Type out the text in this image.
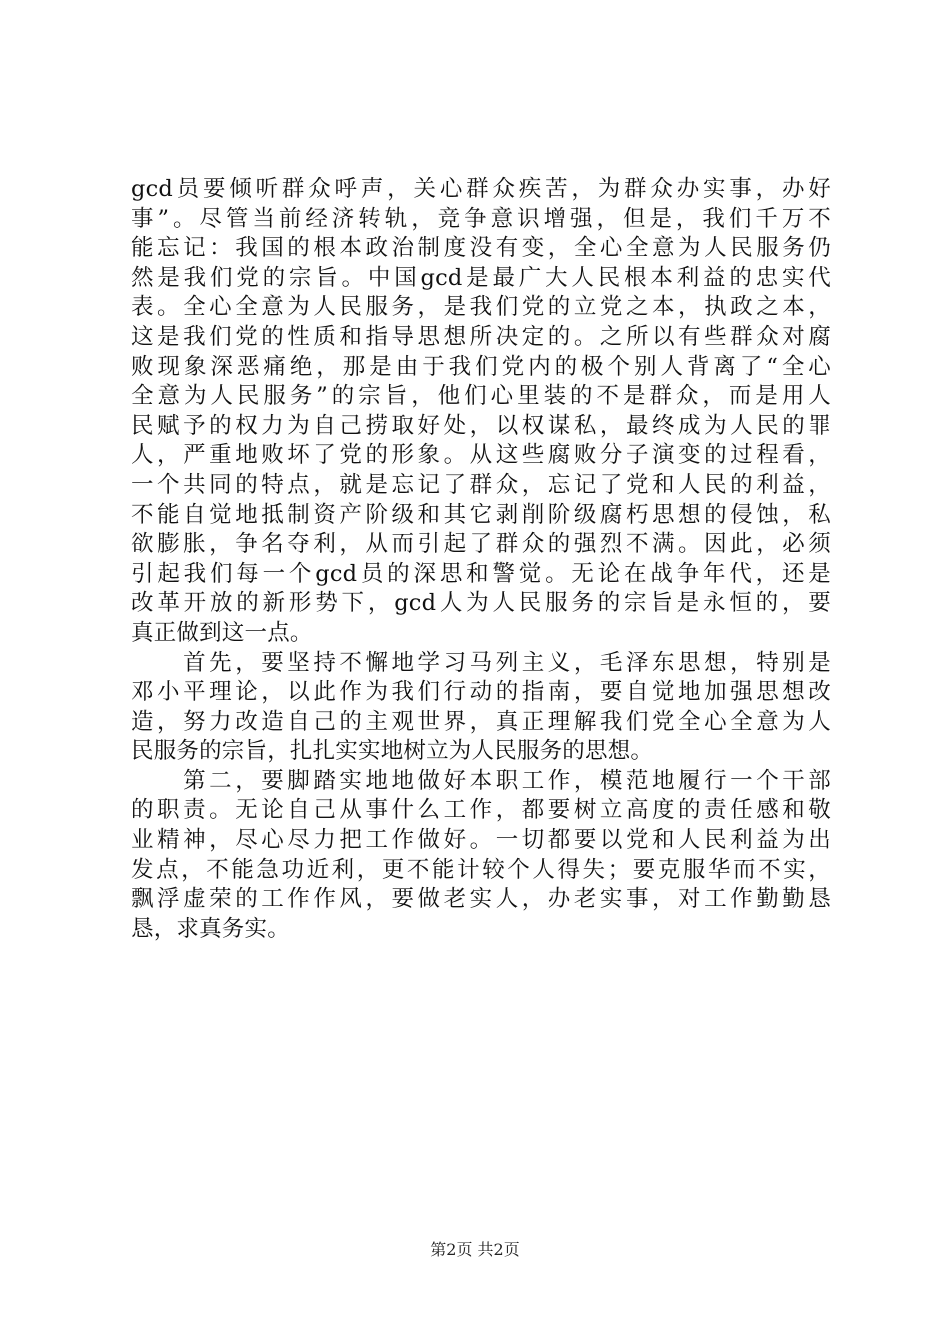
gcd员要倾听群众呼声，关心群众疾苦，为群众办实事，办好
事”。尽管当前经济转轨，竞争意识增强，但是，我们千万不
能忘记：我国的根本政治制度没有变，全心全意为人民服务仍
然是我们党的宗旨。中国gcd是最广大人民根本利益的忠实代
表。全心全意为人民服务，是我们党的立党之本，执政之本，
这是我们党的性质和指导思想所决定的。之所以有些群众对腐
败现象深恶痛绝，那是由于我们党内的极个别人背离了“全心
全意为人民服务”的宗旨，他们心里装的不是群众，而是用人
民赋予的权力为自己捞取好处，以权谋私，最终成为人民的罪
人，严重地败坏了党的形象。从这些腐败分子演变的过程看，
一个共同的特点，就是忘记了群众，忘记了党和人民的利益，
不能自觉地抵制资产阶级和其它剥削阶级腐朽思想的侵蚀，私
欲膨胀，争名夺利，从而引起了群众的强烈不满。因此，必须
引起我们每一个gcd员的深思和警觉。无论在战争年代，还是
改革开放的新形势下，gcd人为人民服务的宗旨是永恒的，要
真正做到这一点。
　　首先，要坚持不懈地学习马列主义，毛泽东思想，特别是
邓小平理论，以此作为我们行动的指南，要自觉地加强思想改
造，努力改造自己的主观世界，真正理解我们党全心全意为人
民服务的宗旨，扎扎实实地树立为人民服务的思想。
　　第二，要脚踏实地地做好本职工作，模范地履行一个干部
的职责。无论自己从事什么工作，都要树立高度的责任感和敬
业精神，尽心尽力把工作做好。一切都要以党和人民利益为出
发点，不能急功近利，更不能计较个人得失；要克服华而不实，
飘浮虚荣的工作作风，要做老实人，办老实事，对工作勤勤恳
恳，求真务实。
第2页 共2页
